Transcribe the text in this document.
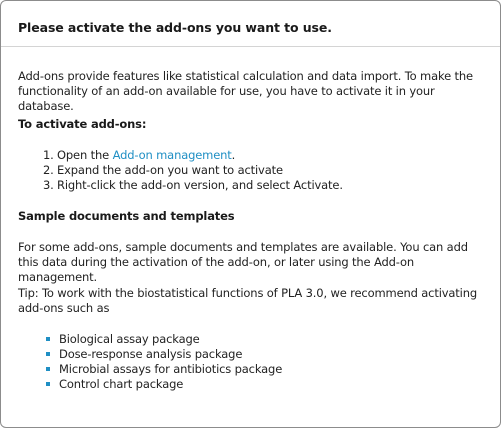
Please activate the add-ons you want to use.

Add-ons provide features like statistical calculation and data import. To make the functionality of an add-on available for use, you have to activate it in your database.

To activate add-ons:
1. Open the Add-on management.
2. Expand the add-on you want to activate
3. Right-click the add-on version, and select Activate.
Sample documents and templates

For some add-ons, sample documents and templates are available. You can add this data during the activation of the add-on, or later using the Add-on management.

Tip: To work with the biostatistical functions of PLA 3.0, we recommend activating add-ons such as

Biological assay package
Dose-response analysis package
Microbial assays for antibiotics package
Control chart package
